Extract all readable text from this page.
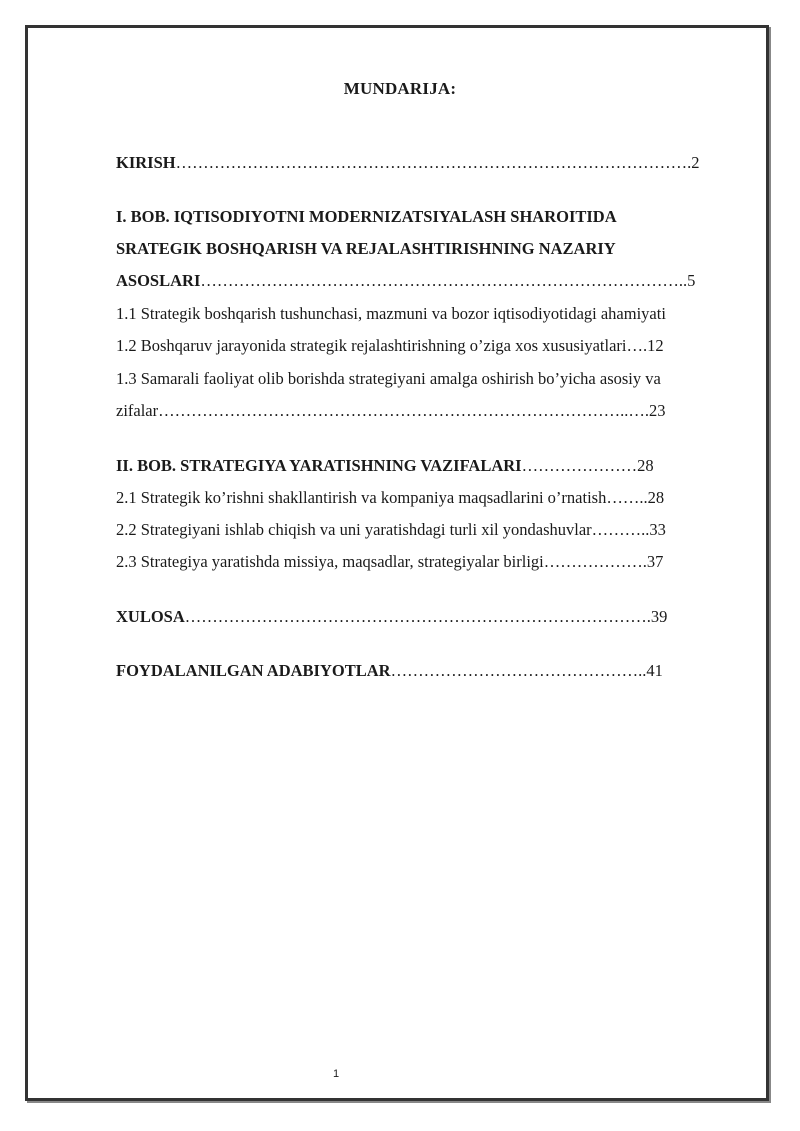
MUNDARIJA:
KIRISH………………………………………………………………………………….2
I. BOB. IQTISODIYOTNI MODERNIZATSIYALASH SHAROITIDA
SRATEGIK BOSHQARISH VA REJALASHTIRISHNING NAZARIY
ASOSLARI……………………………………………………………………………..5
1.1 Strategik boshqarish tushunchasi, mazmuni va bozor iqtisodiyotidagi ahamiyati
1.2 Boshqaruv jarayonida strategik rejalashtirishning o’ziga xos xususiyatlari….12
1.3 Samarali faoliyat olib borishda strategiyani amalga oshirish bo’yicha asosiy va
zifalar…………………………………………………………………………..….23
II. BOB. STRATEGIYA YARATISHNING VAZIFALARI…………………28
2.1 Strategik ko’rishni shakllantirish va kompaniya maqsadlarini o’rnatish……..28
2.2 Strategiyani ishlab chiqish va uni yaratishdagi turli xil yondashuvlar………..33
2.3 Strategiya yaratishda missiya, maqsadlar, strategiyalar birligi……………….37
XULOSA………………………………………………………………………….39
FOYDALANILGAN ADABIYOTLAR………………………………………..41
1
